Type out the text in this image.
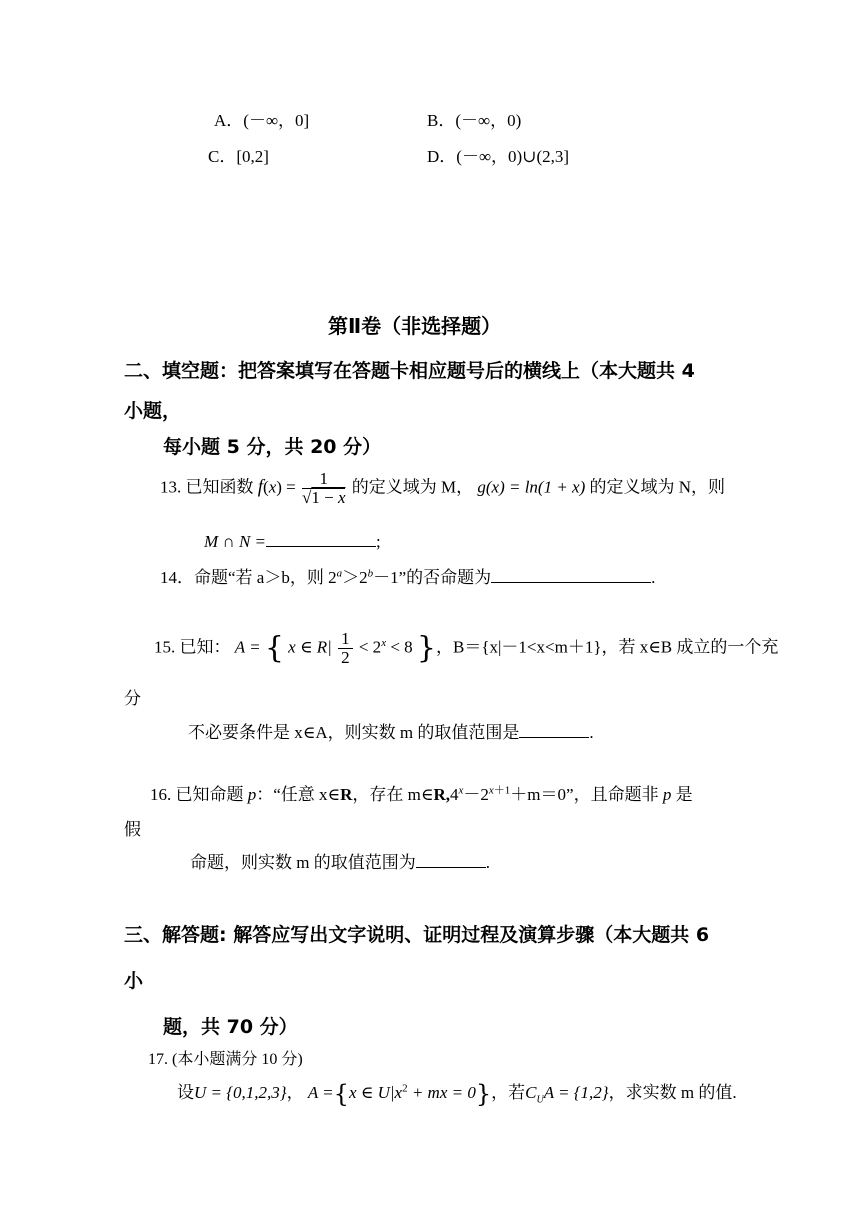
A．(－∞，0]	B．(－∞，0)
C．[0,2]	D．(－∞，0)∪(2,3]
第Ⅱ卷（非选择题）
二、填空题：把答案填写在答题卡相应题号后的横线上（本大题共 4
小题，
每小题 5 分，共 20 分）
13. 已知函数 $f(x) = \frac{1}{√1 - x}$ 的定义域为 M， g(x) = ln(1 + x) 的定义域为 N，则
M ∩ N =	;
14．命题“若 a＞b，则 $2^a>2^b-1$”的否命题为	.
15. 已知： A = { x ∈ $R| \frac{1}{2} < 2^x < 8$ }，B＝{x|－1<x<m＋1}，若 x∈B 成立的一个充
分
不必要条件是 x∈A，则实数 m 的取值范围是	.
16. 已知命题 p：“任意 x∈R，存在 $m\in R,4^x-2^{x+1}+m=0$”，且命题非 p 是
假
命题，则实数 m 的取值范围为	.
三、解答题: 解答应写出文字说明、证明过程及演算步骤（本大题共 6
小
题，共 70 分）
17. (本小题满分 10 分)
设U = {0,1,2,3}， A ={x ∈ $U|x^2$ + mx = 0}，若$C_UA = \{1,2\}$，求实数 m 的值.
